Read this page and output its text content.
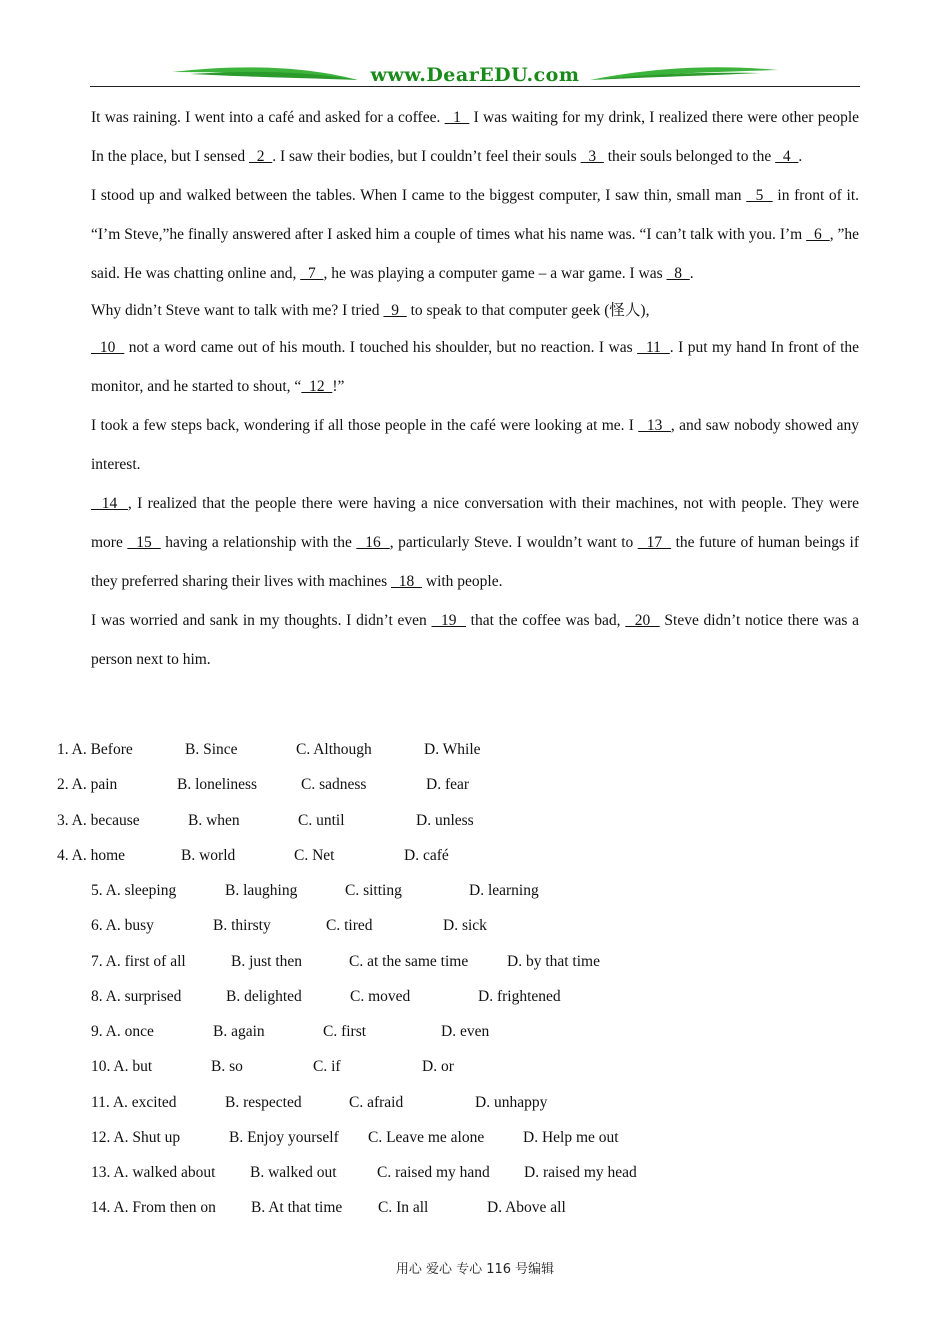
www.DearEDU.com

It was raining. I went into a café and asked for a coffee.   1   I was waiting for my drink, I realized there were other people In the place, but I sensed   2  . I saw their bodies, but I couldn’t feel their souls   3   their souls belonged to the   4  .

I stood up and walked between the tables. When I came to the biggest computer, I saw thin, small man   5   in front of it. “I’m Steve,”he finally answered after I asked him a couple of times what his name was. “I can’t talk with you. I’m   6  , ”he said. He was chatting online and,   7  , he was playing a computer game – a war game. I was   8  .

Why didn’t Steve want to talk with me? I tried   9   to speak to that computer geek (怪人),

10   not a word came out of his mouth. I touched his shoulder, but no reaction. I was   11  . I put my hand In front of the monitor, and he started to shout, “  12  !”

I took a few steps back, wondering if all those people in the café were looking at me. I   13  , and saw nobody showed any interest.

14  , I realized that the people there were having a nice conversation with their machines, not with people. They were more   15   having a relationship with the   16  , particularly Steve. I wouldn’t want to   17   the future of human beings if they preferred sharing their lives with machines   18   with people.

I was worried and sank in my thoughts. I didn’t even   19   that the coffee was bad,   20   Steve didn’t notice there was a person next to him.

1. A. Before	B. Since	C. Although	D. While
2. A. pain	B. loneliness	C. sadness	D. fear
3. A. because	B. when	C. until	D. unless
4. A. home	B. world	C. Net	D. café
5. A. sleeping	B. laughing	C. sitting	D. learning
6. A. busy	B. thirsty	C. tired	D. sick
7. A. first of all	B. just then	C. at the same time	D. by that time
8. A. surprised	B. delighted	C. moved	D. frightened
9. A. once	B. again	C. first	D. even
10. A. but	B. so	C. if	D. or
11. A. excited	B. respected	C. afraid	D. unhappy
12. A. Shut up	B. Enjoy yourself C. Leave me alone	D. Help me out
13. A. walked about B. walked out	C. raised my hand D. raised my head
14. A. From then on B. At that time C. In all	D. Above all
用心 爱心 专心 116 号编辑
